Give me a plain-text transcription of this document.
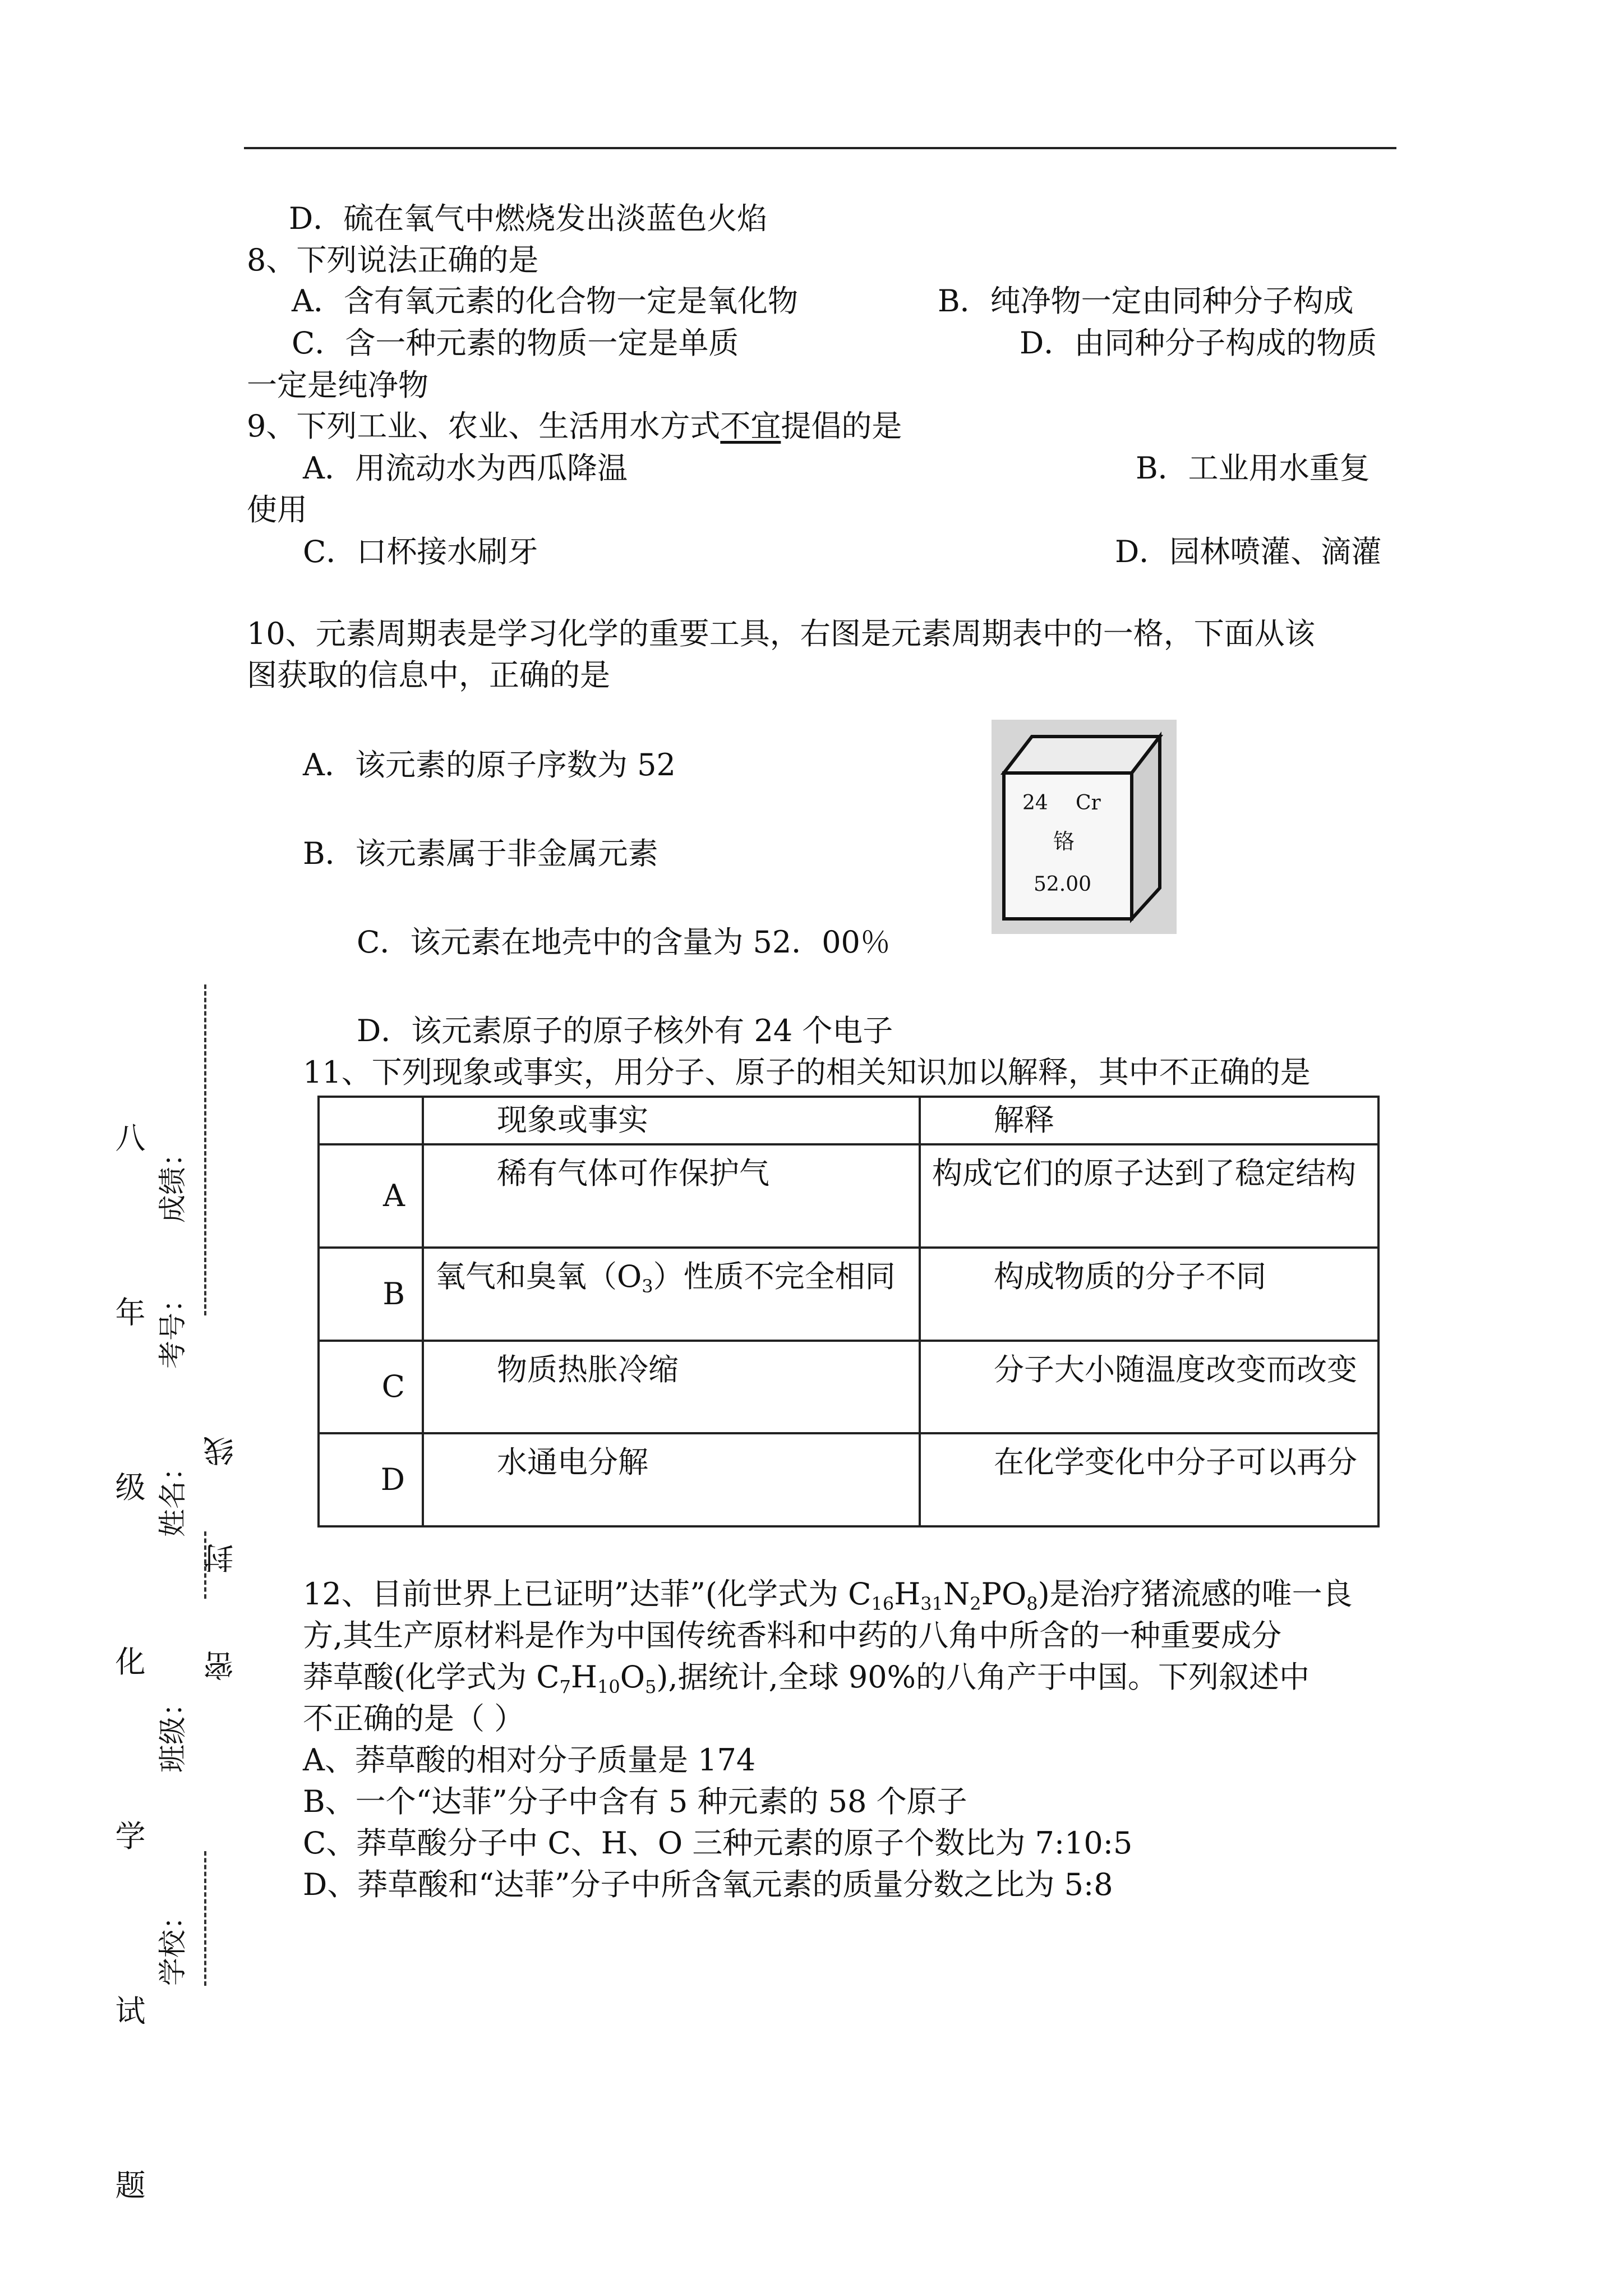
D．硫在氧气中燃烧发出淡蓝色火焰
8、下列说法正确的是
A．含有氧元素的化合物一定是氧化物	B．纯净物一定由同种分子构成
C．含一种元素的物质一定是单质	D．由同种分子构成的物质
一定是纯净物
9、下列工业、农业、生活用水方式不宜提倡的是
A．用流动水为西瓜降温	B．工业用水重复
使用
C．口杯接水刷牙	D．园林喷灌、滴灌
10、元素周期表是学习化学的重要工具，右图是元素周期表中的一格，下面从该
图获取的信息中，正确的是
A．该元素的原子序数为 52
B．该元素属于非金属元素
C．该元素在地壳中的含量为 52．00％
D．该元素原子的原子核外有 24 个电子
24 Cr
铬
52.00
11、下列现象或事实，用分子、原子的相关知识加以解释，其中不正确的是
	现象或事实	解释
A	稀有气体可作保护气	构成它们的原子达到了稳定结构
B	氧气和臭氧$(O_3)$性质不完全相同	构成物质的分子不同
C	物质热胀冷缩	分子大小随温度改变而改变
D	水通电分解	在化学变化中分子可以再分
12、目前世界上已证明”达菲”(化学式为 $C_{16}H_{31}N_2PO_8$)是治疗猪流感的唯一良
方,其生产原材料是作为中国传统香料和中药的八角中所含的一种重要成分
莽草酸(化学式为 $C_7H_{10}O_5$),据统计,全球 90%的八角产于中国。下列叙述中
不正确的是（ ）
A、莽草酸的相对分子质量是 174
B、一个“达菲”分子中含有 5 种元素的 58 个原子
C、莽草酸分子中 C、H、O 三种元素的原子个数比为 7:10:5
D、莽草酸和“达菲”分子中所含氧元素的质量分数之比为 5:8
八 年 级 化 学 试 题 学校：
班级：
姓名：
考号：
成绩：
密 封 线
